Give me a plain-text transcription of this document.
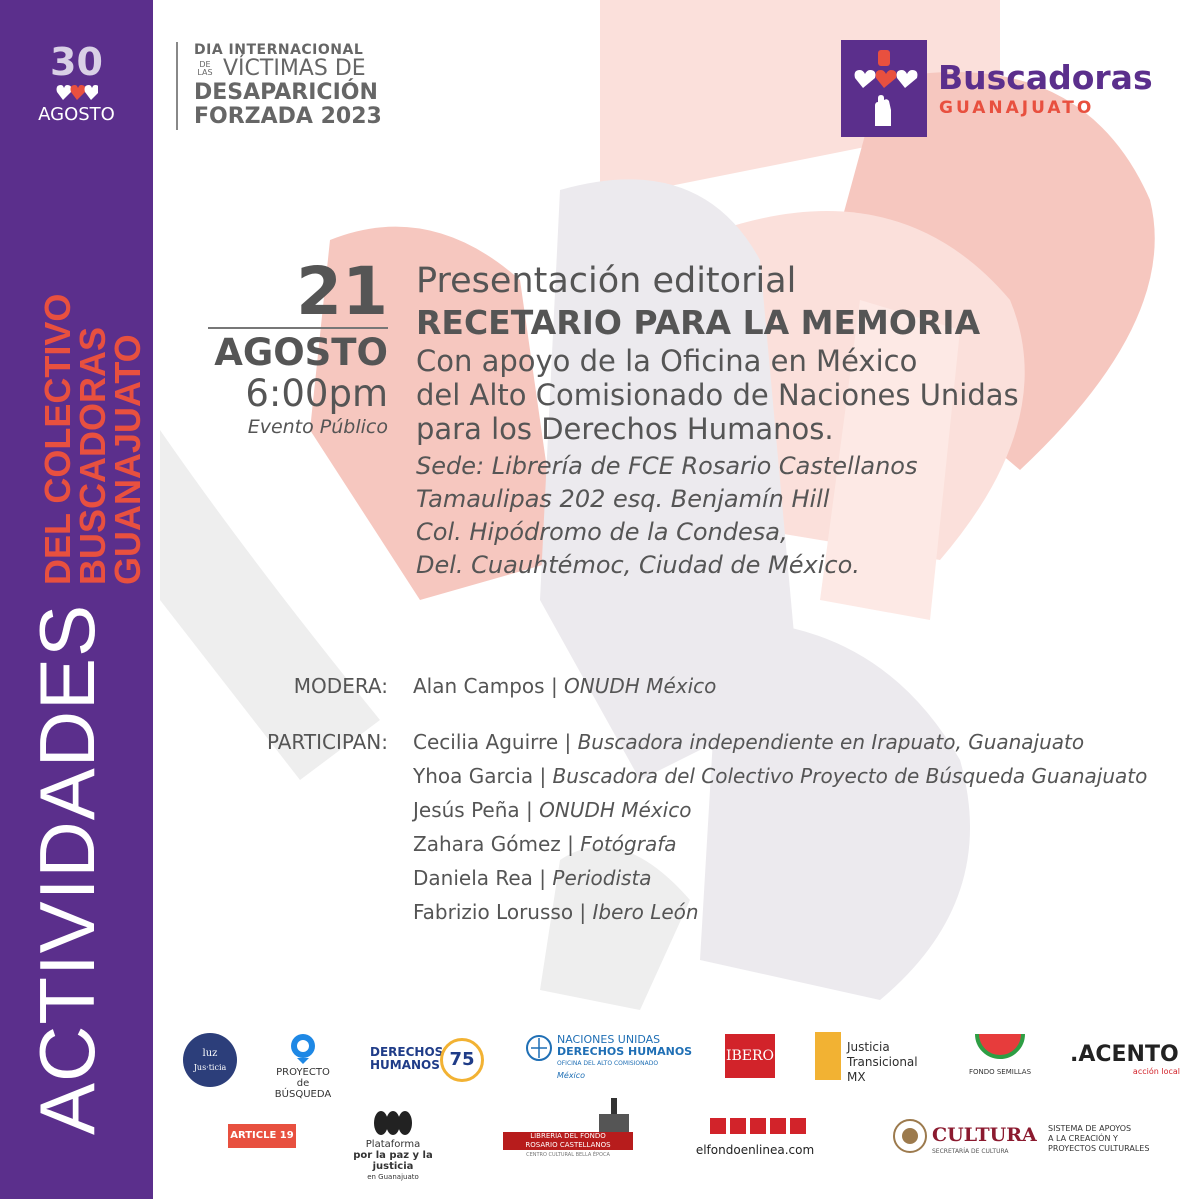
30
AGOSTO
ACTIVIDADES
DEL COLECTIVO
BUSCADORAS
GUANAJUATO
DIA INTERNACIONAL
DE LAS VÍCTIMAS DE
DESAPARICIÓN
FORZADA 2023
Buscadoras
GUANAJUATO
21
AGOSTO
6:00pm
Evento Público
Presentación editorial
RECETARIO PARA LA MEMORIA
Con apoyo de la Oficina en México
del Alto Comisionado de Naciones Unidas
para los Derechos Humanos.
Sede: Librería de FCE Rosario Castellanos
Tamaulipas 202 esq. Benjamín Hill
Col. Hipódromo de la Condesa,
Del. Cuauhtémoc, Ciudad de México.
MODERA: Alan Campos | ONUDH México
PARTICIPAN: Cecilia Aguirre | Buscadora independiente en Irapuato, Guanajuato
Yhoa Garcia | Buscadora del Colectivo Proyecto de Búsqueda Guanajuato
Jesús Peña | ONUDH México
Zahara Gómez | Fotógrafa
Daniela Rea | Periodista
Fabrizio Lorusso | Ibero León
luz
Jus·ticia	PROYECTO
de BÚSQUEDA
DERECHOS
HUMANOS 75
NACIONES UNIDAS
DERECHOS HUMANOS
OFICINA DEL ALTO COMISIONADO
México
IBERO
Justicia
Transicional MX	FONDO SEMILLAS
.ACENTO
acción local
ARTICLE 19
Plataforma
por la paz y la justicia
en Guanajuato
LIBRERÍA DEL FONDO
ROSARIO CASTELLANOS
CENTRO CULTURAL BELLA ÉPOCA	elfondoenlinea.com
CULTURA
SECRETARÍA DE CULTURA
SISTEMA DE APOYOS
A LA CREACIÓN Y
PROYECTOS CULTURALES
